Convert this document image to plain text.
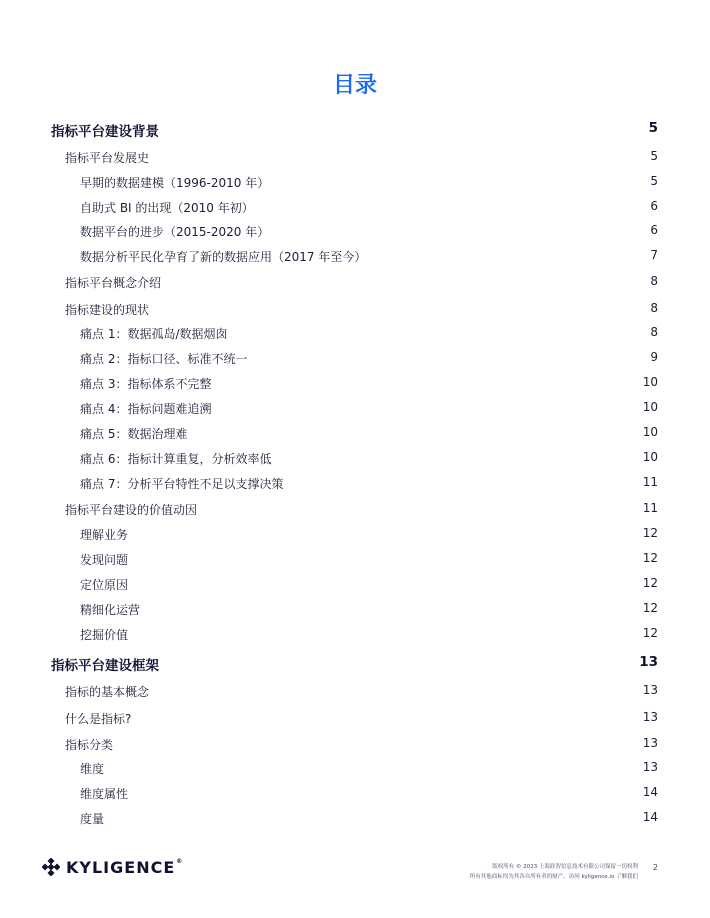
目录
指标平台建设背景	5
指标平台发展史	5
早期的数据建模（1996-2010 年）	5
自助式 BI 的出现（2010 年初）	6
数据平台的进步（2015-2020 年）	6
数据分析平民化孕育了新的数据应用（2017 年至今）	7
指标平台概念介绍	8
指标建设的现状	8
痛点 1：数据孤岛/数据烟囱	8
痛点 2：指标口径、标准不统一	9
痛点 3：指标体系不完整	10
痛点 4：指标问题难追溯	10
痛点 5：数据治理难	10
痛点 6：指标计算重复，分析效率低	10
痛点 7：分析平台特性不足以支撑决策	11
指标平台建设的价值动因	11
理解业务	12
发现问题	12
定位原因	12
精细化运营	12
挖掘价值	12
指标平台建设框架	13
指标的基本概念	13
什么是指标?	13
指标分类	13
维度	13
维度属性	14
度量	14
KYLIGENCE®
版权所有 © 2023 上海跬智信息技术有限公司保留一切权利
所有其他商标均为其各自所有者的财产。访问 kyligence.io 了解我们
2
